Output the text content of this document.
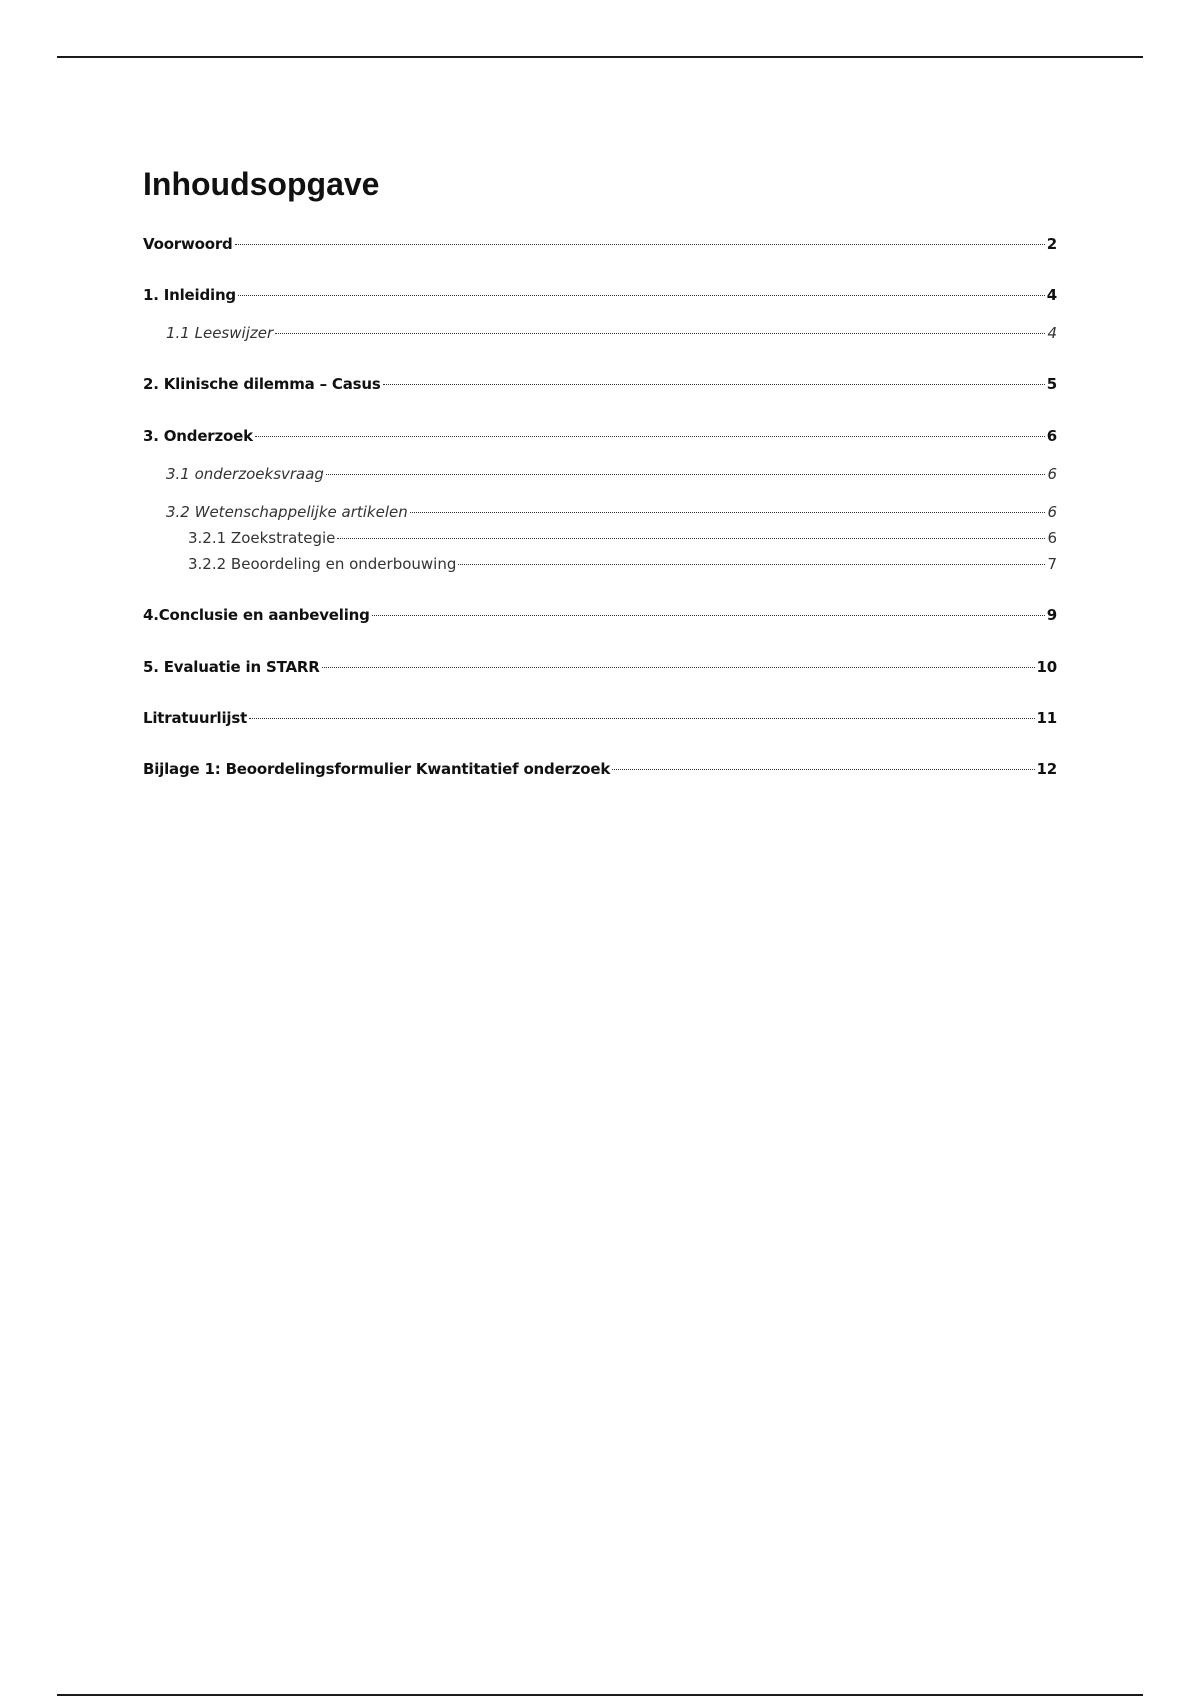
Inhoudsopgave
Voorwoord	2
1. Inleiding	4
1.1 Leeswijzer	4
2. Klinische dilemma – Casus	5
3. Onderzoek	6
3.1 onderzoeksvraag	6
3.2 Wetenschappelijke artikelen	6
3.2.1 Zoekstrategie	6
3.2.2 Beoordeling en onderbouwing	7
4.Conclusie en aanbeveling	9
5. Evaluatie in STARR	10
Litratuurlijst	11
Bijlage 1: Beoordelingsformulier Kwantitatief onderzoek	12
